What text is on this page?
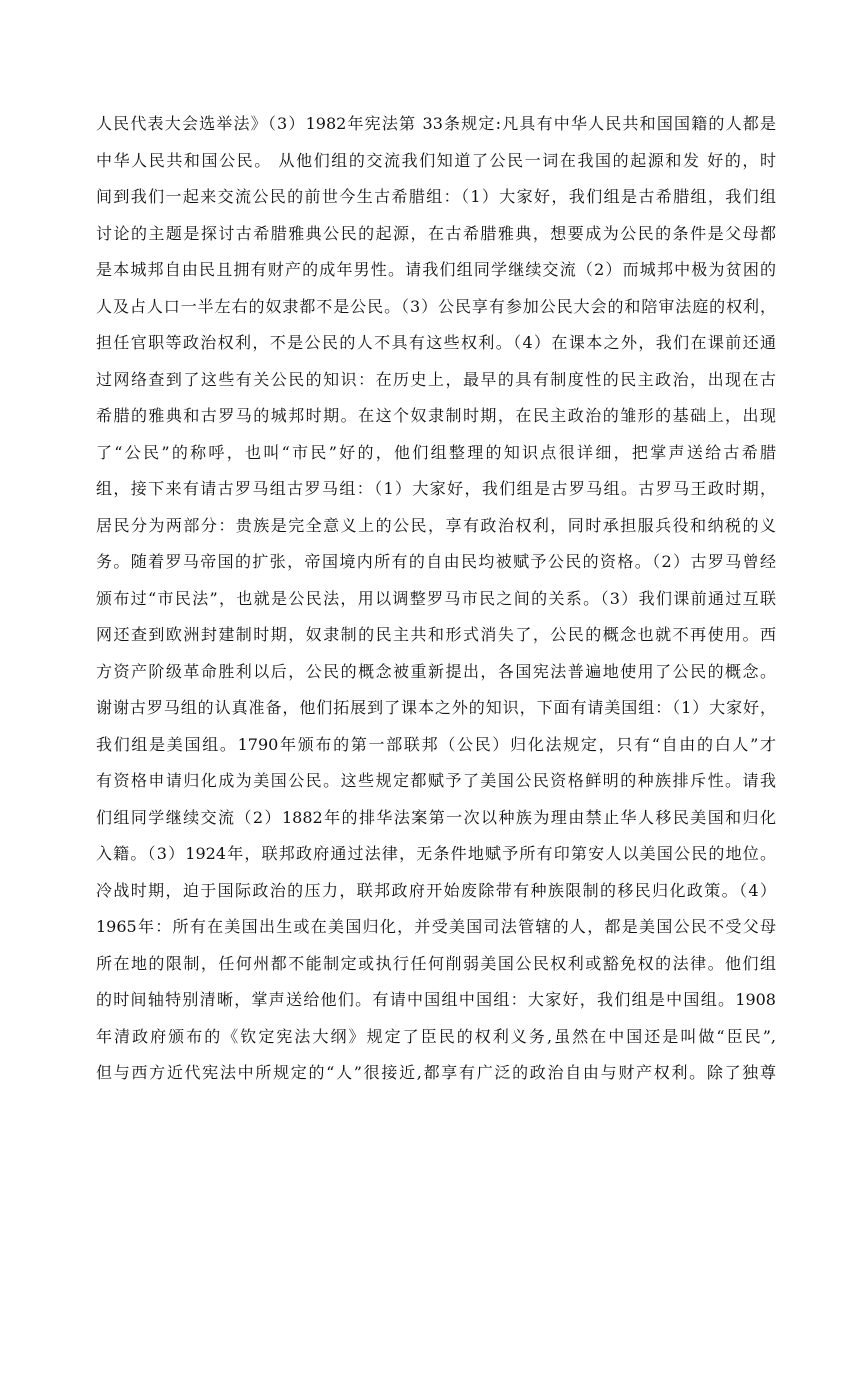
人民代表大会选举法》（3）1982年宪法第 33条规定:凡具有中华人民共和国国籍的人都是
中华人民共和国公民。 从他们组的交流我们知道了公民一词在我国的起源和发 好的，时
间到我们一起来交流公民的前世今生古希腊组：（1）大家好，我们组是古希腊组，我们组
讨论的主题是探讨古希腊雅典公民的起源，在古希腊雅典，想要成为公民的条件是父母都
是本城邦自由民且拥有财产的成年男性。请我们组同学继续交流（2）而城邦中极为贫困的
人及占人口一半左右的奴隶都不是公民。（3）公民享有参加公民大会的和陪审法庭的权利，
担任官职等政治权利，不是公民的人不具有这些权利。（4）在课本之外，我们在课前还通
过网络查到了这些有关公民的知识：在历史上，最早的具有制度性的民主政治，出现在古
希腊的雅典和古罗马的城邦时期。在这个奴隶制时期，在民主政治的雏形的基础上，出现
了“公民”的称呼，也叫“市民”好的，他们组整理的知识点很详细，把掌声送给古希腊
组，接下来有请古罗马组古罗马组：（1）大家好，我们组是古罗马组。古罗马王政时期，
居民分为两部分：贵族是完全意义上的公民，享有政治权利，同时承担服兵役和纳税的义
务。随着罗马帝国的扩张，帝国境内所有的自由民均被赋予公民的资格。（2）古罗马曾经
颁布过“市民法”，也就是公民法，用以调整罗马市民之间的关系。（3）我们课前通过互联
网还查到欧洲封建制时期，奴隶制的民主共和形式消失了，公民的概念也就不再使用。西
方资产阶级革命胜利以后，公民的概念被重新提出，各国宪法普遍地使用了公民的概念。
谢谢古罗马组的认真准备，他们拓展到了课本之外的知识，下面有请美国组：（1）大家好，
我们组是美国组。1790年颁布的第一部联邦（公民）归化法规定，只有“自由的白人”才
有资格申请归化成为美国公民。这些规定都赋予了美国公民资格鲜明的种族排斥性。请我
们组同学继续交流（2）1882年的排华法案第一次以种族为理由禁止华人移民美国和归化
入籍。（3）1924年，联邦政府通过法律，无条件地赋予所有印第安人以美国公民的地位。
冷战时期，迫于国际政治的压力，联邦政府开始废除带有种族限制的移民归化政策。（4）
1965年：所有在美国出生或在美国归化，并受美国司法管辖的人，都是美国公民不受父母
所在地的限制，任何州都不能制定或执行任何削弱美国公民权利或豁免权的法律。他们组
的时间轴特别清晰，掌声送给他们。有请中国组中国组：大家好，我们组是中国组。1908
年清政府颁布的《钦定宪法大纲》规定了臣民的权利义务,虽然在中国还是叫做“臣民”,
但与西方近代宪法中所规定的“人”很接近,都享有广泛的政治自由与财产权利。除了独尊
